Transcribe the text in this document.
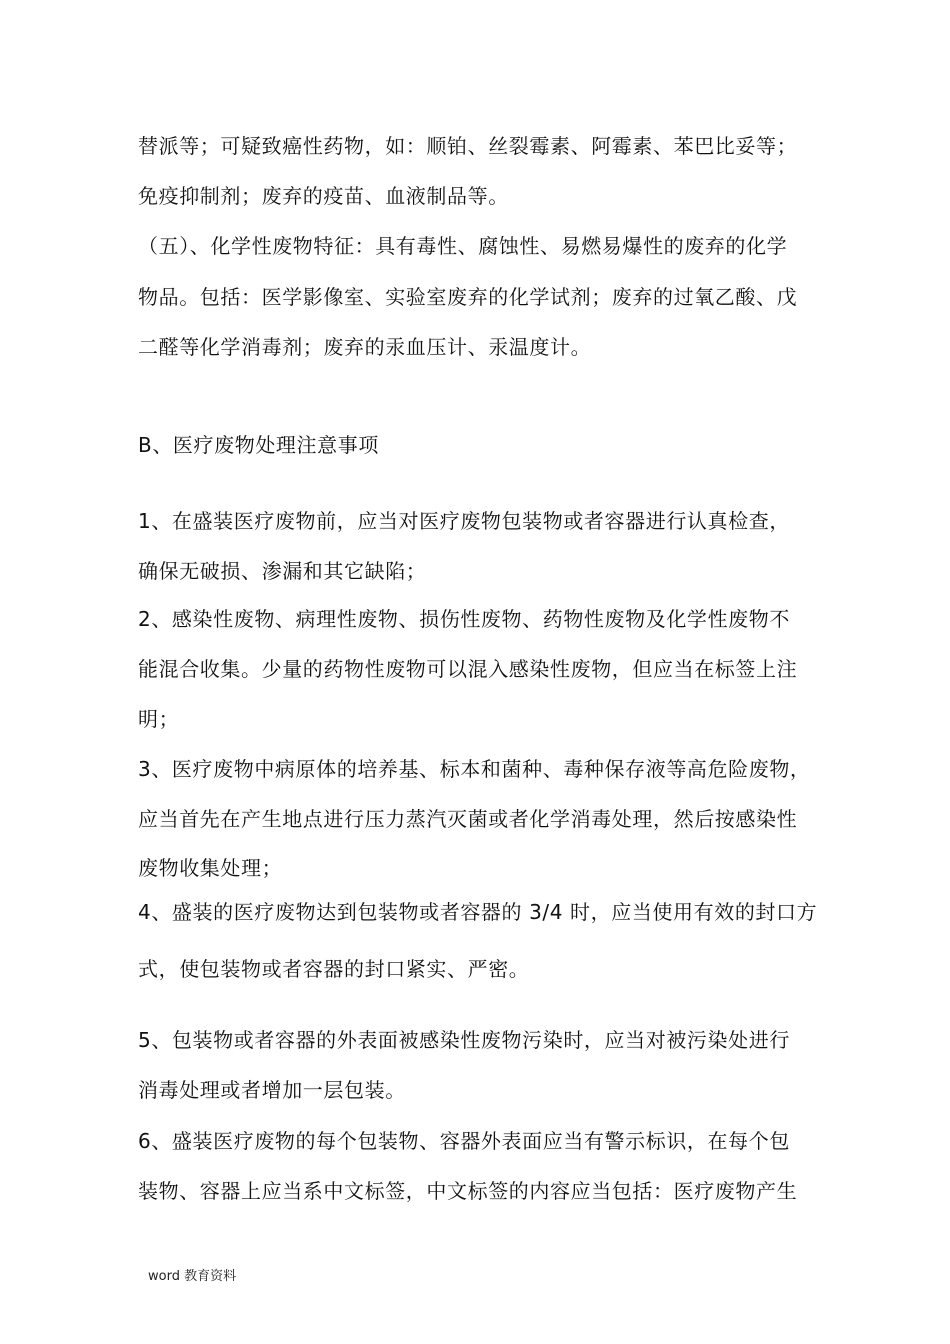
替派等；可疑致癌性药物，如：顺铂、丝裂霉素、阿霉素、苯巴比妥等；
免疫抑制剂；废弃的疫苗、血液制品等。
（五）、化学性废物特征：具有毒性、腐蚀性、易燃易爆性的废弃的化学
物品。包括：医学影像室、实验室废弃的化学试剂；废弃的过氧乙酸、戊
二醛等化学消毒剂；废弃的汞血压计、汞温度计。
B、医疗废物处理注意事项
1、在盛装医疗废物前，应当对医疗废物包装物或者容器进行认真检查，
确保无破损、渗漏和其它缺陷；
2、感染性废物、病理性废物、损伤性废物、药物性废物及化学性废物不
能混合收集。少量的药物性废物可以混入感染性废物，但应当在标签上注
明；
3、医疗废物中病原体的培养基、标本和菌种、毒种保存液等高危险废物，
应当首先在产生地点进行压力蒸汽灭菌或者化学消毒处理，然后按感染性
废物收集处理；
4、盛装的医疗废物达到包装物或者容器的 3/4 时，应当使用有效的封口方
式，使包装物或者容器的封口紧实、严密。
5、包装物或者容器的外表面被感染性废物污染时，应当对被污染处进行
消毒处理或者增加一层包装。
6、盛装医疗废物的每个包装物、容器外表面应当有警示标识，在每个包
装物、容器上应当系中文标签，中文标签的内容应当包括：医疗废物产生
word 教育资料
